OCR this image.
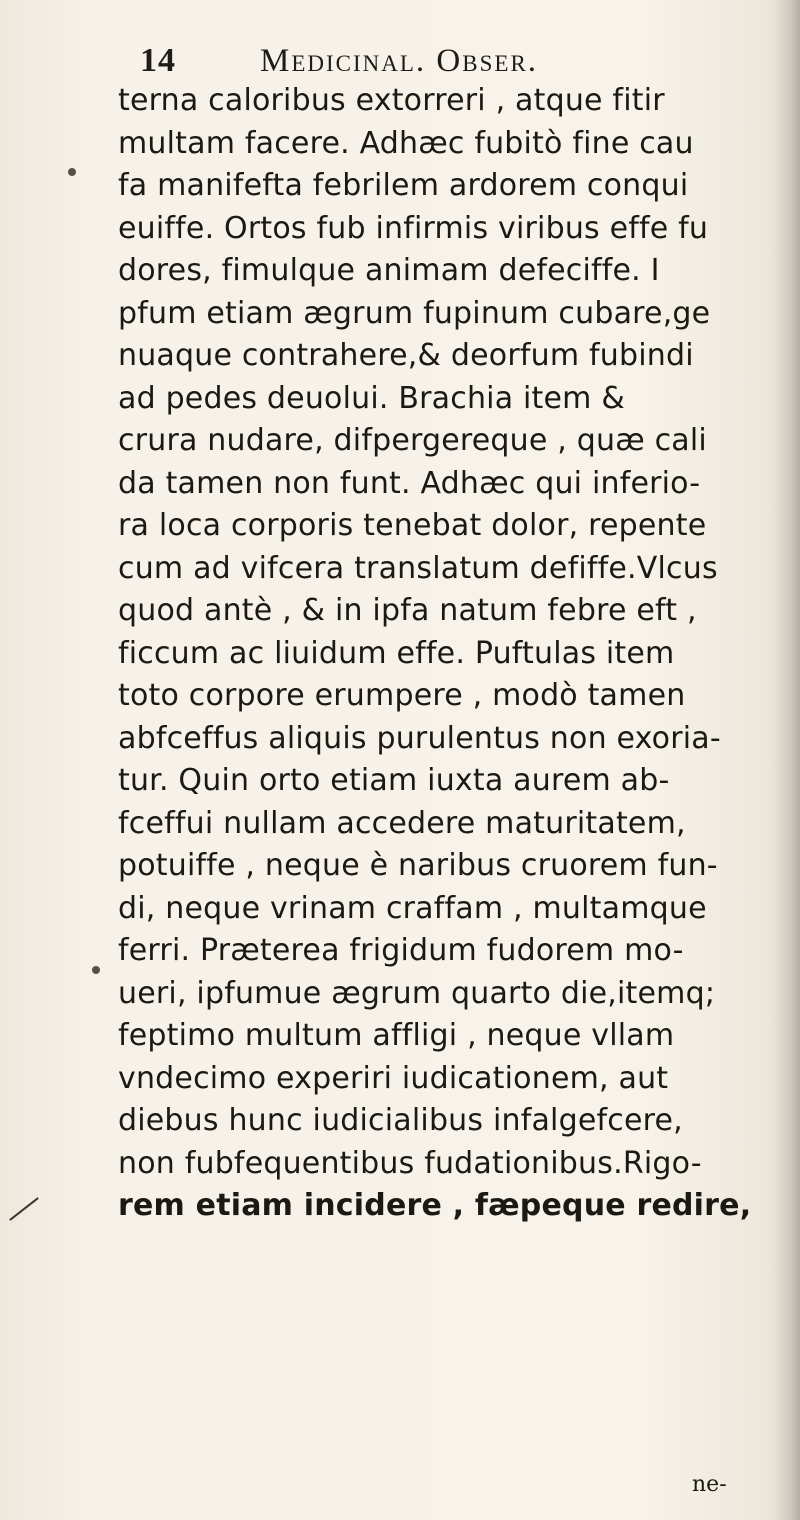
14	Medicinal. Obser.
terna caloribus extorreri , atque fitir
multam facere. Adhæc fubitò fine cau
fa manifefta febrilem ardorem conqui
euiffe. Ortos fub infirmis viribus effe fu
dores, fimulque animam defeciffe. I
pfum etiam ægrum fupinum cubare,ge
nuaque contrahere,& deorfum fubindi
ad pedes deuolui. Brachia item &
crura nudare, difpergereque , quæ cali
da tamen non funt. Adhæc qui inferio-
ra loca corporis tenebat dolor, repente
cum ad vifcera translatum defiffe.Vlcus
quod antè , & in ipfa natum febre eft ,
ficcum ac liuidum effe. Puftulas item
toto corpore erumpere , modò tamen
abfceffus aliquis purulentus non exoria-
tur. Quin orto etiam iuxta aurem ab-
fceffui nullam accedere maturitatem,
potuiffe , neque è naribus cruorem fun-
di, neque vrinam craffam , multamque
ferri. Præterea frigidum fudorem mo-
ueri, ipfumue ægrum quarto die,itemq;
feptimo multum affligi , neque vllam
vndecimo experiri iudicationem, aut
diebus hunc iudicialibus infalgefcere,
non fubfequentibus fudationibus.Rigo-
rem etiam incidere , fæpeque redire,
ne-
